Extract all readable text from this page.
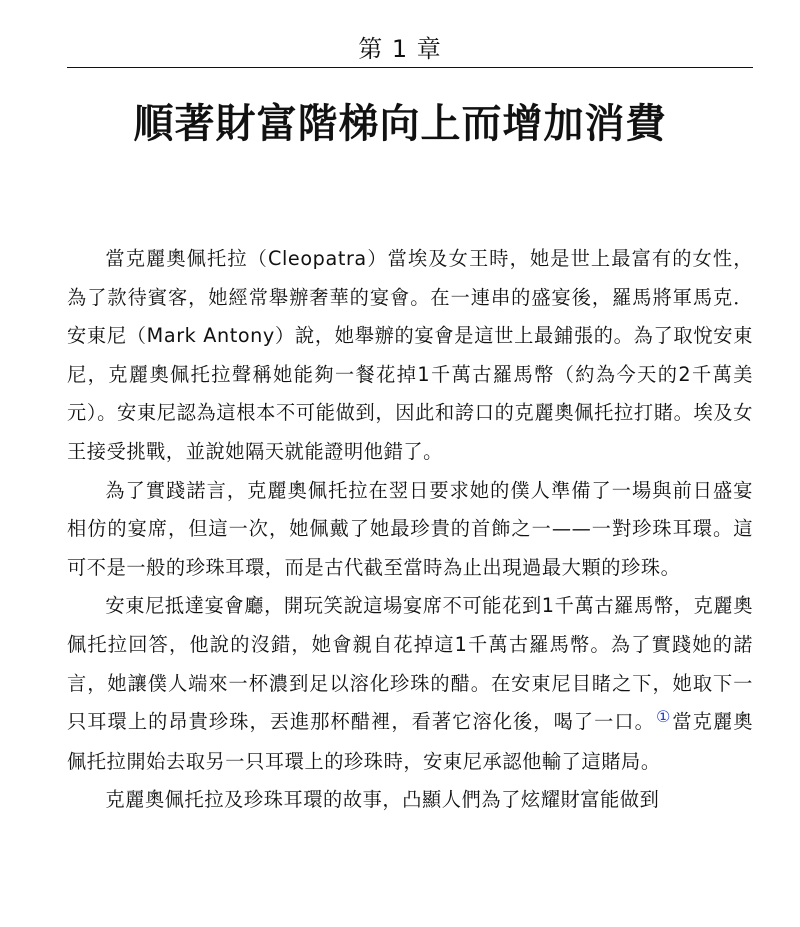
第 1 章
順著財富階梯向上而增加消費

當克麗奧佩托拉（Cleopatra）當埃及女王時，她是世上最富有的女性，為了款待賓客，她經常舉辦奢華的宴會。在一連串的盛宴後，羅馬將軍馬克．安東尼（Mark Antony）說，她舉辦的宴會是這世上最鋪張的。為了取悅安東尼，克麗奧佩托拉聲稱她能夠一餐花掉1千萬古羅馬幣（約為今天的2千萬美元）。安東尼認為這根本不可能做到，因此和誇口的克麗奧佩托拉打賭。埃及女王接受挑戰，並說她隔天就能證明他錯了。

為了實踐諾言，克麗奧佩托拉在翌日要求她的僕人準備了一場與前日盛宴相仿的宴席，但這一次，她佩戴了她最珍貴的首飾之一——一對珍珠耳環。這可不是一般的珍珠耳環，而是古代截至當時為止出現過最大顆的珍珠。

安東尼抵達宴會廳，開玩笑說這場宴席不可能花到1千萬古羅馬幣，克麗奧佩托拉回答，他說的沒錯，她會親自花掉這1千萬古羅馬幣。為了實踐她的諾言，她讓僕人端來一杯濃到足以溶化珍珠的醋。在安東尼目睹之下，她取下一只耳環上的昂貴珍珠，丟進那杯醋裡，看著它溶化後，喝了一口。①當克麗奧佩托拉開始去取另一只耳環上的珍珠時，安東尼承認他輸了這賭局。

克麗奧佩托拉及珍珠耳環的故事，凸顯人們為了炫耀財富能做到
